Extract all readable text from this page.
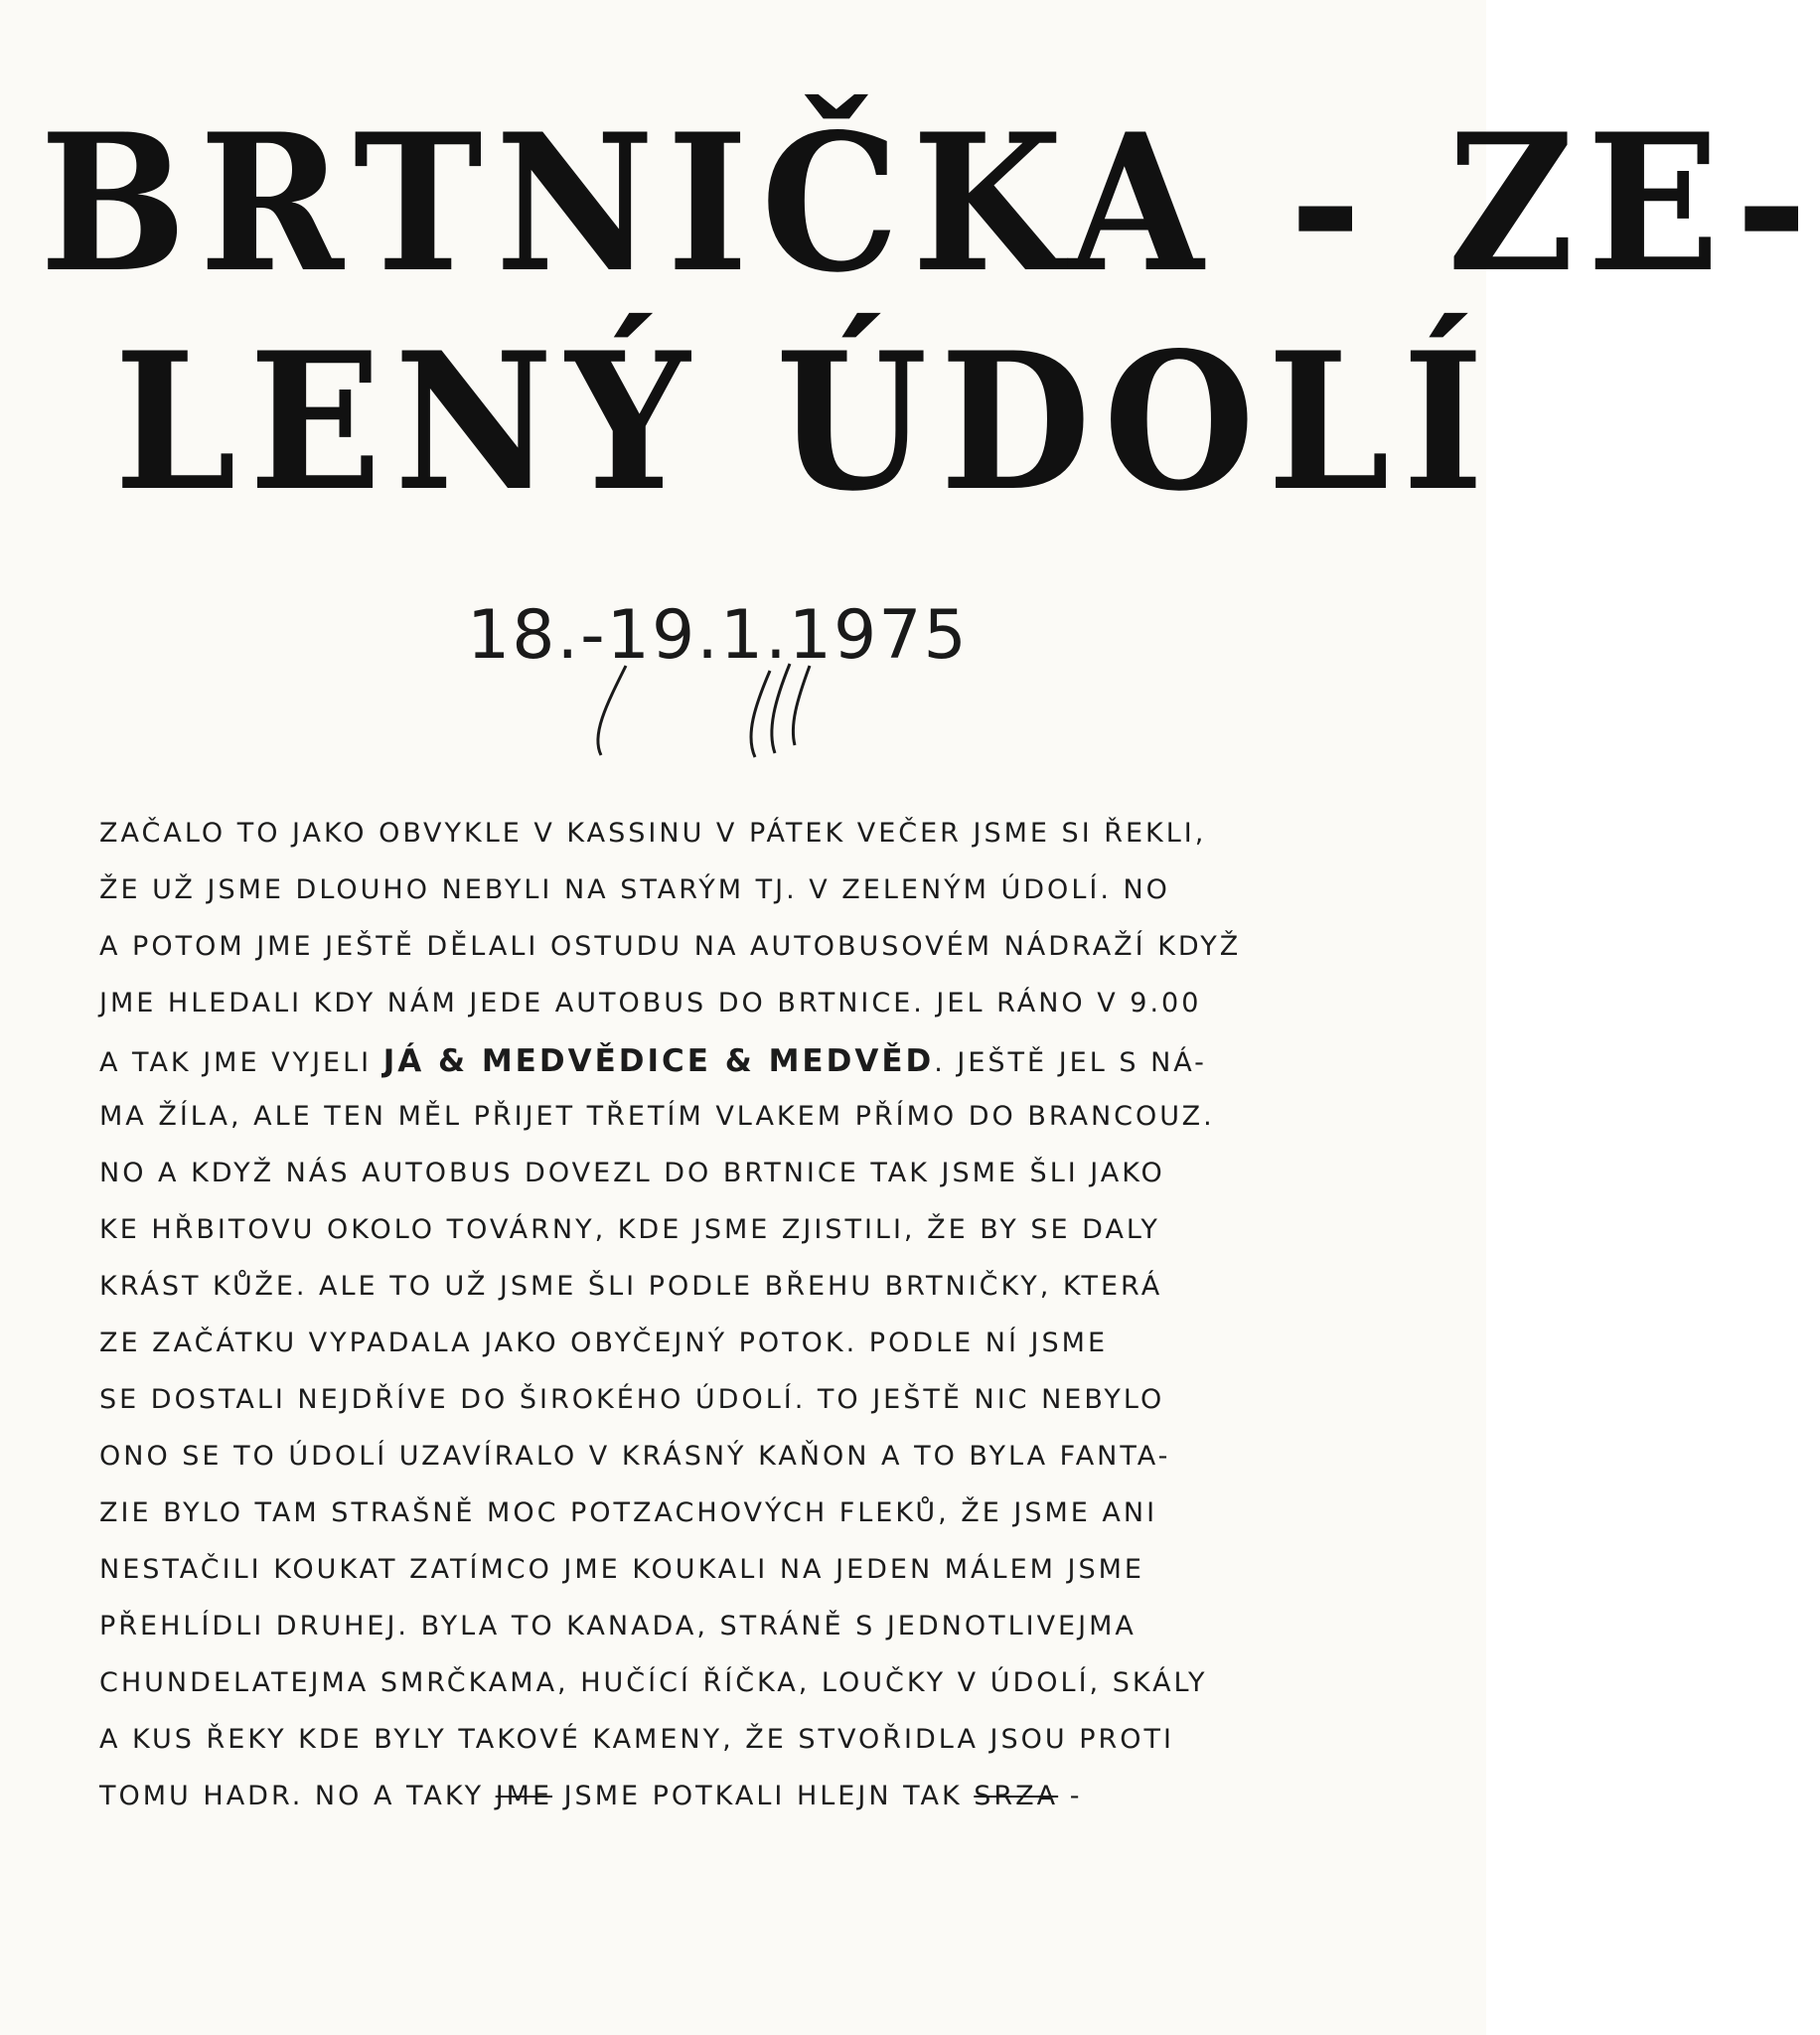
BRTNIČKA - ZE-
LENÝ ÚDOLÍ
18.-19.1.1975
ZAČALO TO JAKO OBVYKLE V KASSINU V PÁTEK VEČER JSME SI ŘEKLI,
ŽE UŽ JSME DLOUHO NEBYLI NA STARÝM TJ. V ZELENÝM ÚDOLÍ. NO
A POTOM JME JEŠTĚ DĚLALI OSTUDU NA AUTOBUSOVÉM NÁDRAŽÍ KDYŽ
JME HLEDALI KDY NÁM JEDE AUTOBUS DO BRTNICE. JEL RÁNO V 9.00
A TAK JME VYJELI JÁ & MEDVĚDICE & MEDVĚD. JEŠTĚ JEL S NÁ-
MA ŽÍLA, ALE TEN MĚL PŘIJET TŘETÍM VLAKEM PŘÍMO DO BRANCOUZ.
NO A KDYŽ NÁS AUTOBUS DOVEZL DO BRTNICE TAK JSME ŠLI JAKO
KE HŘBITOVU OKOLO TOVÁRNY, KDE JSME ZJISTILI, ŽE BY SE DALY
KRÁST KŮŽE. ALE TO UŽ JSME ŠLI PODLE BŘEHU BRTNIČKY, KTERÁ
ZE ZAČÁTKU VYPADALA JAKO OBYČEJNÝ POTOK. PODLE NÍ JSME
SE DOSTALI NEJDŘÍVE DO ŠIROKÉHO ÚDOLÍ. TO JEŠTĚ NIC NEBYLO
ONO SE TO ÚDOLÍ UZAVÍRALO V KRÁSNÝ KAŇON A TO BYLA FANTA-
ZIE BYLO TAM STRAŠNĚ MOC POTZACHOVÝCH FLEKŮ, ŽE JSME ANI
NESTAČILI KOUKAT ZATÍMCO JME KOUKALI NA JEDEN MÁLEM JSME
PŘEHLÍDLI DRUHEJ. BYLA TO KANADA, STRÁNĚ S JEDNOTLIVEJMA
CHUNDELATEJMA SMRČKAMA, HUČÍCÍ ŘÍČKA, LOUČKY V ÚDOLÍ, SKÁLY
A KUS ŘEKY KDE BYLY TAKOVÉ KAMENY, ŽE STVOŘIDLA JSOU PROTI
TOMU HADR. NO A TAKY JME JSME POTKALI HLEJN TAK SRZA -
